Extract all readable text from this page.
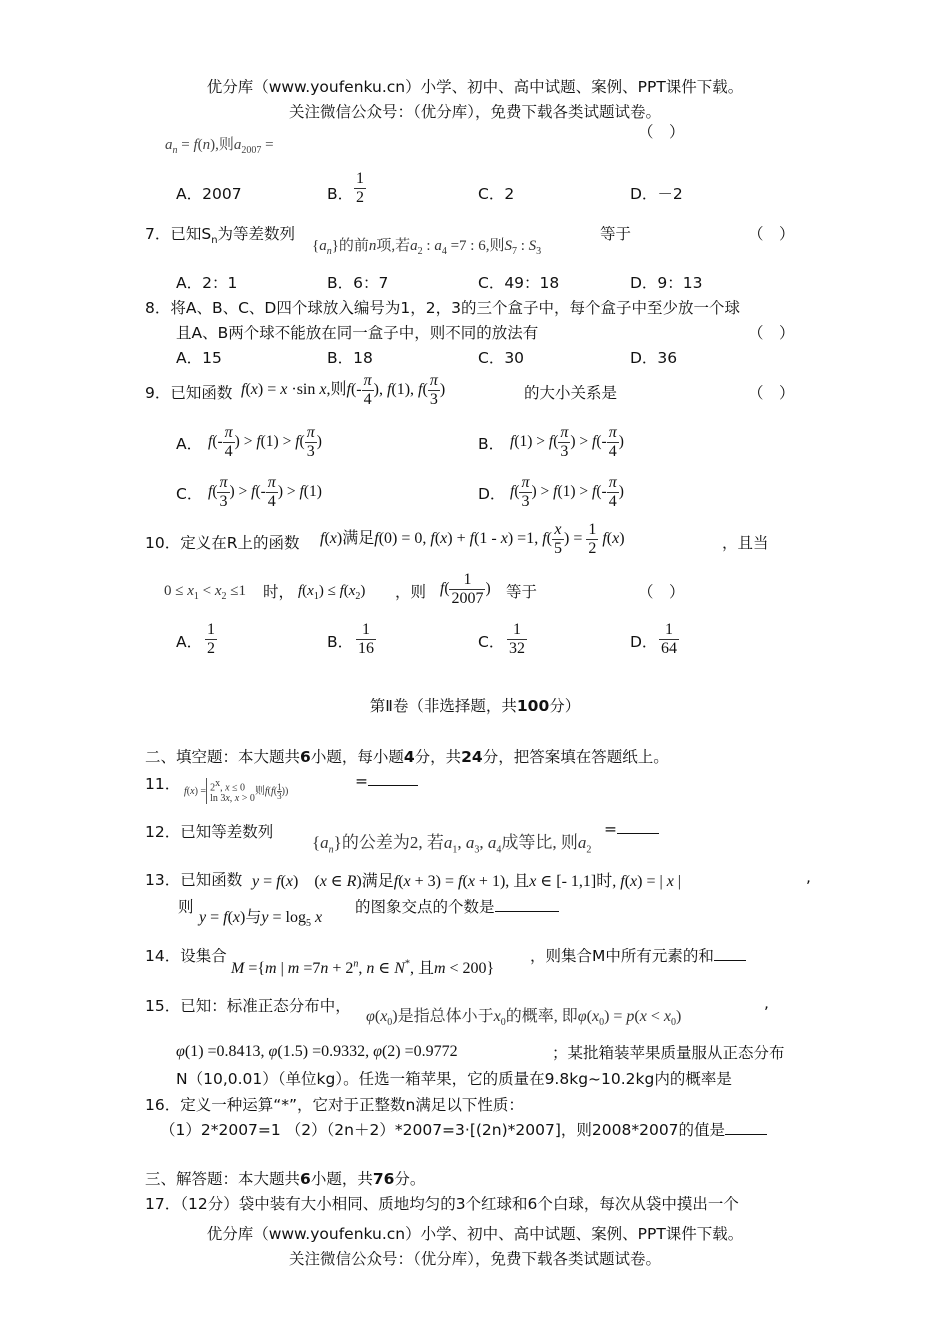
优分库（www.youfenku.cn）小学、初中、高中试题、案例、PPT课件下载。
关注微信公众号：（优分库），免费下载各类试题试卷。
$a_n = f(n)$,则$a_{2007}$ =
（　）
A．2007	B． $\frac{1}{2}$	C．2	D．－2
7．已知$S_n$为等差数列
$\{a_n\}$的前n项,若$a_2$ : $a_4 =7$ : 6,则$S_7$ : $S_3$
等于	（　）
A．2：1	B．6：7	C．49：18	D．9：13
8．将A、B、C、D四个球放入编号为1，2，3的三个盒子中，每个盒子中至少放一个球
且A、B两个球不能放在同一盒子中，则不同的放法有	（　）
A．15	B．18	C．30	D．36
9．已知函数 f(x) = x ·sin x,则$f(- \frac{\pi}{4}$ ), f(1), $f( \frac{\pi}{3}$ )	的大小关系是	（　）
A． $f(- \frac{\pi}{4}$ ) > $f(1) > f( \frac{\pi}{3}$ )	B． $f(1) > f( \frac{\pi}{3}$ ) > $f(- \frac{\pi}{4}$ )
C． $f( \frac{\pi}{3}$ ) > $f(- \frac{\pi}{4}$ ) > f(1)	D． $f( \frac{\pi}{3}$ ) > $f(1) > f(- \frac{\pi}{4}$ )
10．定义在R上的函数 f(x)满足f(0) = 0, f(x) + f(1 - x) =1, $f( \frac{x}{5}$ ) = $\frac{1}{2} f(x)$	，且当
$0 \le x_1 < x_2 \le 1$ 时， $f(x_1) \le f(x_2)$ ，则 $f( \frac{1}{2007}$ ) 等于	（　）
A． $\frac{1}{2}$	B． $\frac{1}{16}$	C． $\frac{1}{32}$	D． $\frac{1}{64}$
第Ⅱ卷（非选择题，共100分）
二、填空题：本大题共6小题，每小题4分，共24分，把答案填在答题纸上。
11． $f(x) =2^x$, x ≤ 0
ln 3x, x > 0则$f(f( \frac{1}{3}$ ))
=
12．已知等差数列
$\{a_n\}$的公差为2, 若$a_1$, $a_3$, $a_4$成等比, 则$a_2$
=
13．已知函数 y = f(x)    (x ∈ R)满足f(x + 3) = f(x + 1), 且x ∈ [- 1,1]时, f(x) = | x |	,
则
y = f(x)与$y = \log_5 x$
的图象交点的个数是
14．设集合
M ={m | $m =7n + 2^n$, n ∈ N*, 且m < 200}
，则集合M中所有元素的和
15．已知：标准正态分布中，
$\varphi(x_0)$是指总体小于$x_0$的概率, 即$\varphi(x_0) = p(x < x_0)$
,
φ(1) =0.8413, φ(1.5) =0.9332, φ(2) =0.9772	；某批箱装苹果质量服从正态分布
N（10,0.01）（单位kg）。任选一箱苹果，它的质量在9.8kg~10.2kg内的概率是
16．定义一种运算“*”，它对于正整数n满足以下性质：
（1）2*2007=1 （2）（2n＋2）*2007=3·[(2n)*2007]，则2008*2007的值是
三、解答题：本大题共6小题，共76分。
17．（12分）袋中装有大小相同、质地均匀的3个红球和6个白球，每次从袋中摸出一个
优分库（www.youfenku.cn）小学、初中、高中试题、案例、PPT课件下载。
关注微信公众号：（优分库），免费下载各类试题试卷。
